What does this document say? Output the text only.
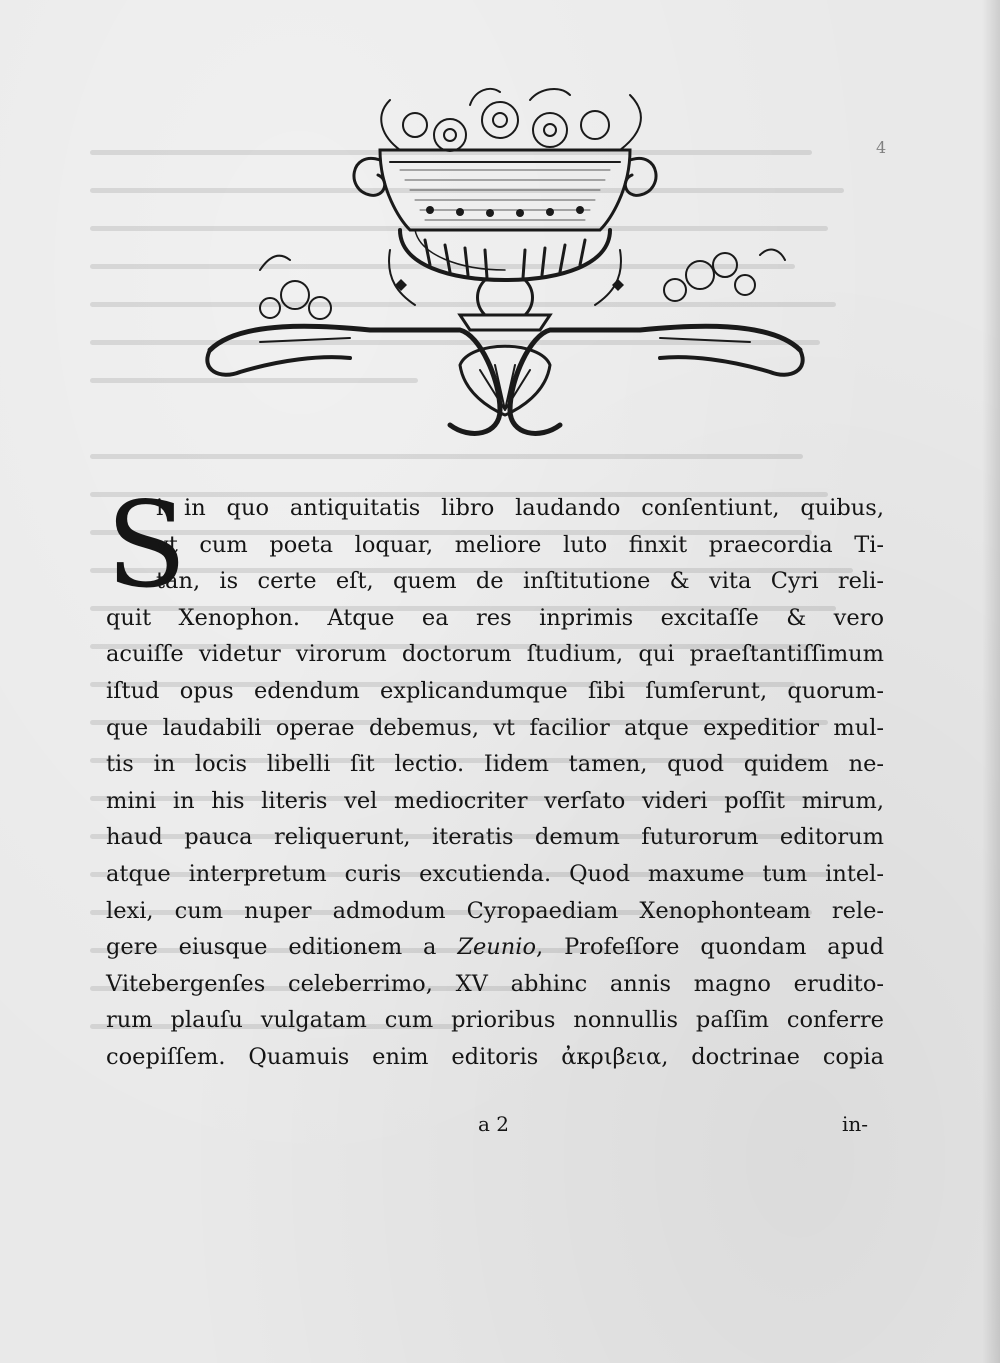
4
S
i in quo antiquitatis libro laudando conſentiunt, quibus,
vt cum poeta loquar, meliore luto finxit praecordia Ti-
tan, is certe eſt, quem de inſtitutione & vita Cyri reli-
quit Xenophon. Atque ea res inprimis excitaſſe & vero
acuiſſe videtur virorum doctorum ſtudium, qui praeſtantiſſimum
iſtud opus edendum explicandumque ſibi ſumſerunt, quorum-
que laudabili operae debemus, vt facilior atque expeditior mul-
tis in locis libelli ſit lectio. Iidem tamen, quod quidem ne-
mini in his literis vel mediocriter verſato videri poſſit mirum,
haud pauca reliquerunt, iteratis demum futurorum editorum
atque interpretum curis excutienda. Quod maxume tum intel-
lexi, cum nuper admodum Cyropaediam Xenophonteam rele-
gere eiusque editionem a Zeunio, Profeſſore quondam apud
Vitebergenſes celeberrimo, XV abhinc annis magno erudito-
rum plauſu vulgatam cum prioribus nonnullis paſſim conferre
coepiſſem. Quamuis enim editoris ἀκριβεια, doctrinae copia
a 2	in-
